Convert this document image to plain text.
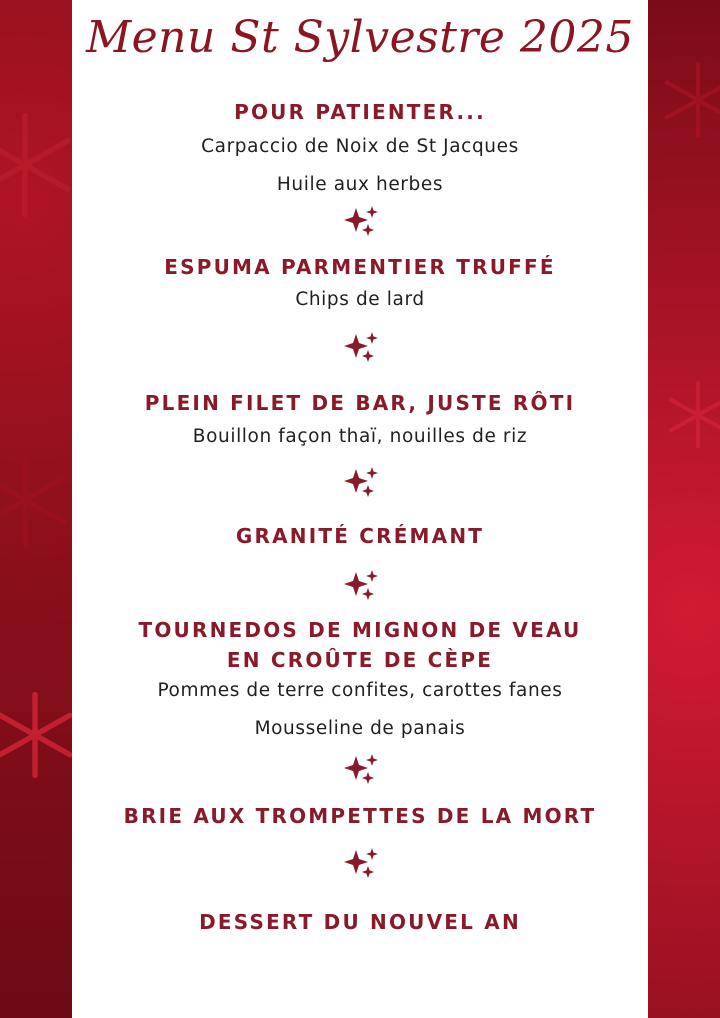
Menu St Sylvestre 2025
POUR PATIENTER...
Carpaccio de Noix de St Jacques
Huile aux herbes
ESPUMA PARMENTIER TRUFFÉ
Chips de lard
PLEIN FILET DE BAR, JUSTE RÔTI
Bouillon façon thaï, nouilles de riz
GRANITÉ CRÉMANT
TOURNEDOS DE MIGNON DE VEAU
EN CROÛTE DE CÈPE
Pommes de terre confites, carottes fanes
Mousseline de panais
BRIE AUX TROMPETTES DE LA MORT
DESSERT DU NOUVEL AN
